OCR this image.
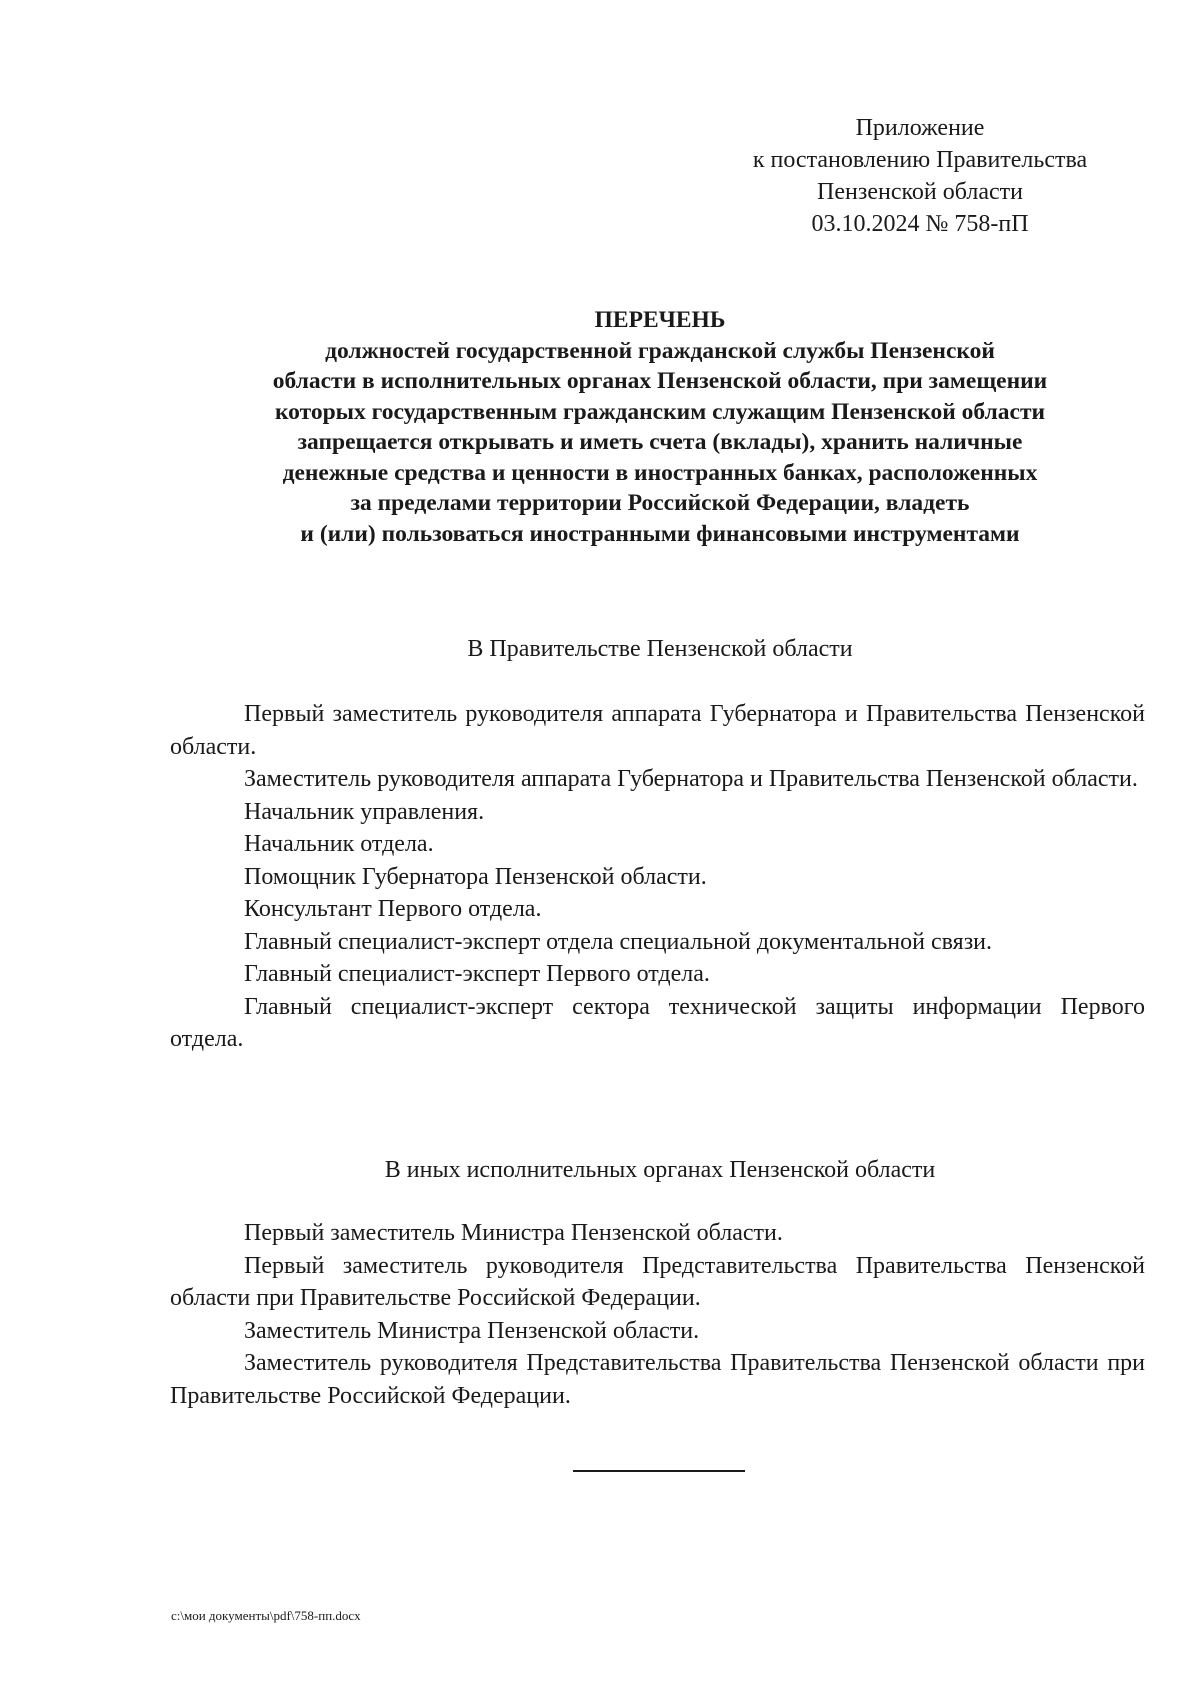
Приложение
к постановлению Правительства
Пензенской области
03.10.2024 № 758-пП
ПЕРЕЧЕНЬ
должностей государственной гражданской службы Пензенской
области в исполнительных органах Пензенской области, при замещении
которых государственным гражданским служащим Пензенской области
запрещается открывать и иметь счета (вклады), хранить наличные
денежные средства и ценности в иностранных банках, расположенных
за пределами территории Российской Федерации, владеть
и (или) пользоваться иностранными финансовыми инструментами
В Правительстве Пензенской области

Первый заместитель руководителя аппарата Губернатора и Правительства Пензенской области.

Заместитель руководителя аппарата Губернатора и Правительства Пензенской области.

Начальник управления.

Начальник отдела.

Помощник Губернатора Пензенской области.

Консультант Первого отдела.

Главный специалист-эксперт отдела специальной документальной связи.

Главный специалист-эксперт Первого отдела.

Главный специалист-эксперт сектора технической защиты информации Первого отдела.

В иных исполнительных органах Пензенской области

Первый заместитель Министра Пензенской области.

Первый заместитель руководителя Представительства Правительства Пензенской области при Правительстве Российской Федерации.

Заместитель Министра Пензенской области.

Заместитель руководителя Представительства Правительства Пензенской области при Правительстве Российской Федерации.

c:\мои документы\pdf\758-пп.docx
